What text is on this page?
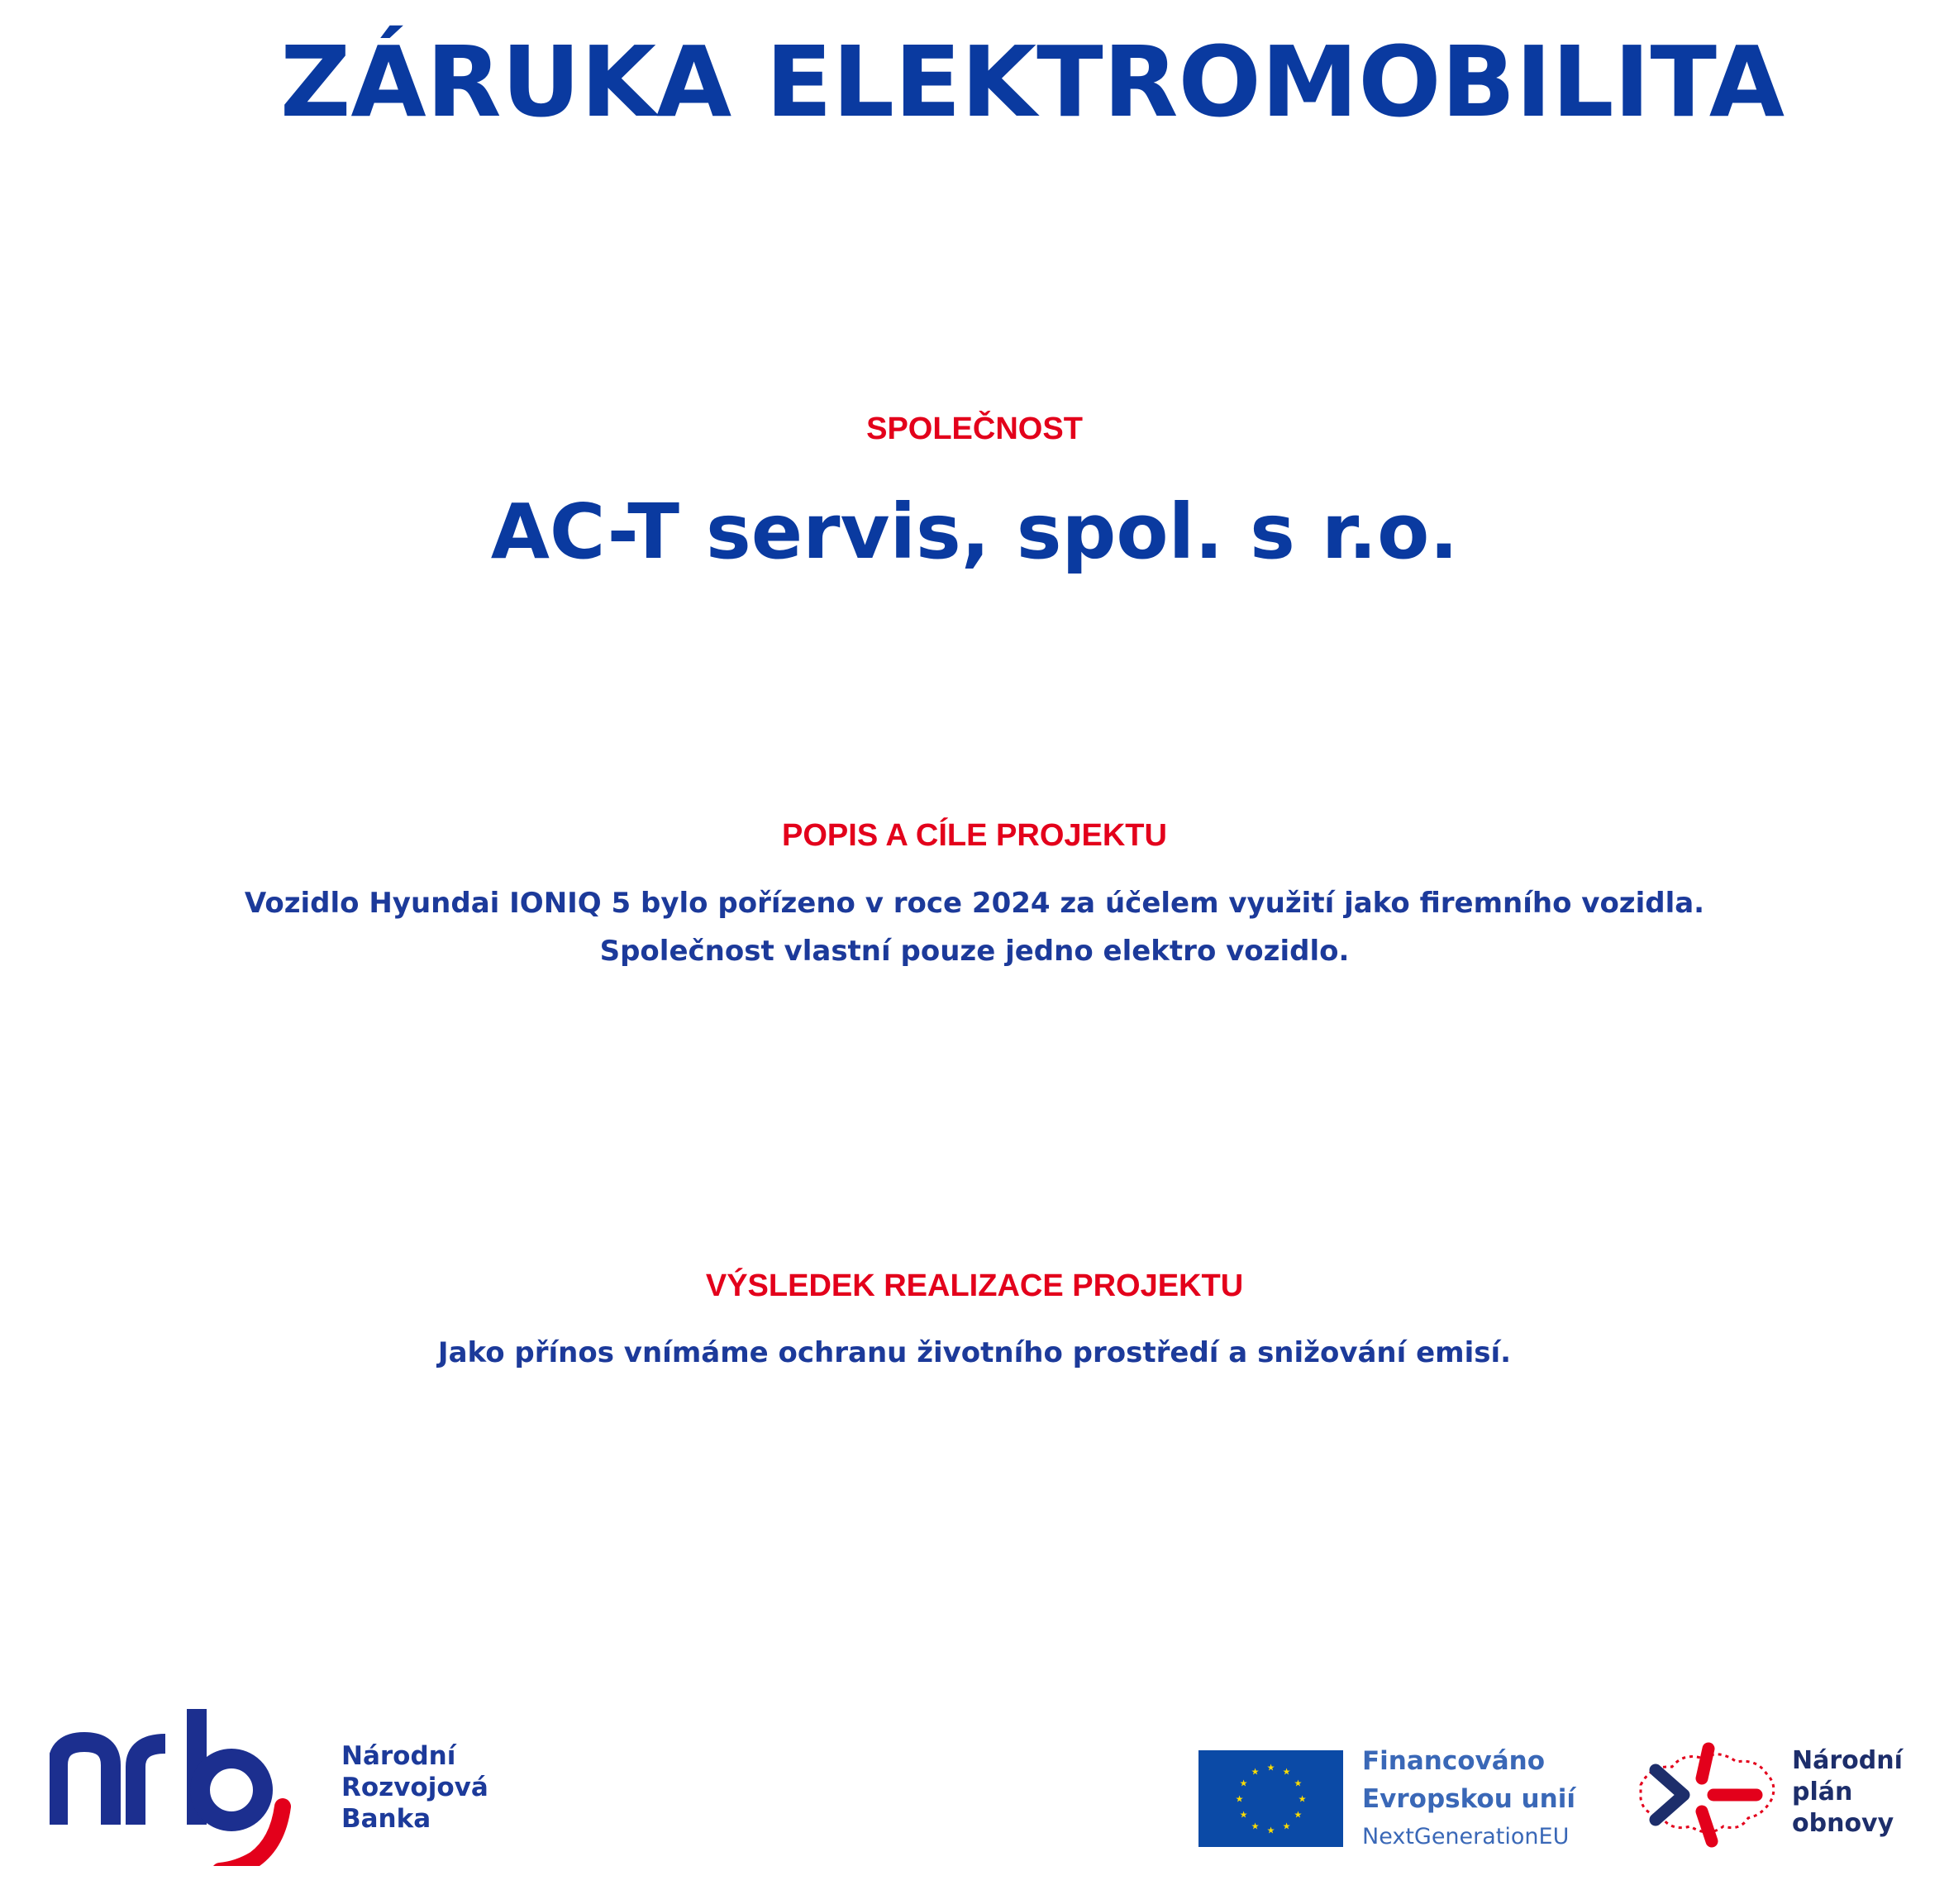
ZÁRUKA ELEKTROMOBILITA
SPOLEČNOST
AC-T servis, spol. s r.o.
POPIS A CÍLE PROJEKTU
Vozidlo Hyundai IONIQ 5 bylo pořízeno v roce 2024 za účelem využití jako firemního vozidla.
Společnost vlastní pouze jedno elektro vozidlo.
VÝSLEDEK REALIZACE PROJEKTU
Jako přínos vnímáme ochranu životního prostředí a snižování emisí.
Národní
Rozvojová
Banka
★ ★
★
★
★
★
★
★
★
★
★
★	Financováno
Evropskou unií
NextGenerationEU
Národní
plán
obnovy
